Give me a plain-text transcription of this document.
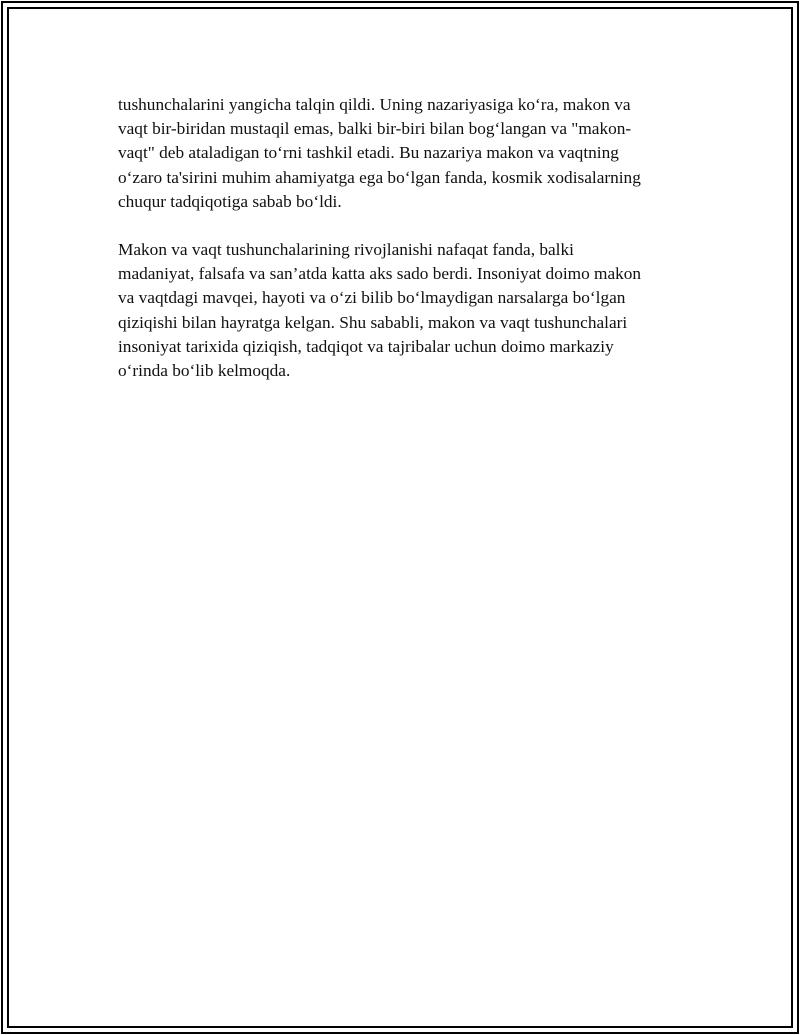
tushunchalarini yangicha talqin qildi. Uning nazariyasiga ko‘ra, makon va
vaqt bir-biridan mustaqil emas, balki bir-biri bilan bog‘langan va "makon-
vaqt" deb ataladigan to‘rni tashkil etadi. Bu nazariya makon va vaqtning
o‘zaro ta'sirini muhim ahamiyatga ega bo‘lgan fanda, kosmik xodisalarning
chuqur tadqiqotiga sabab bo‘ldi.

Makon va vaqt tushunchalarining rivojlanishi nafaqat fanda, balki
madaniyat, falsafa va san’atda katta aks sado berdi. Insoniyat doimo makon
va vaqtdagi mavqei, hayoti va o‘zi bilib bo‘lmaydigan narsalarga bo‘lgan
qiziqishi bilan hayratga kelgan. Shu sababli, makon va vaqt tushunchalari
insoniyat tarixida qiziqish, tadqiqot va tajribalar uchun doimo markaziy
o‘rinda bo‘lib kelmoqda.
